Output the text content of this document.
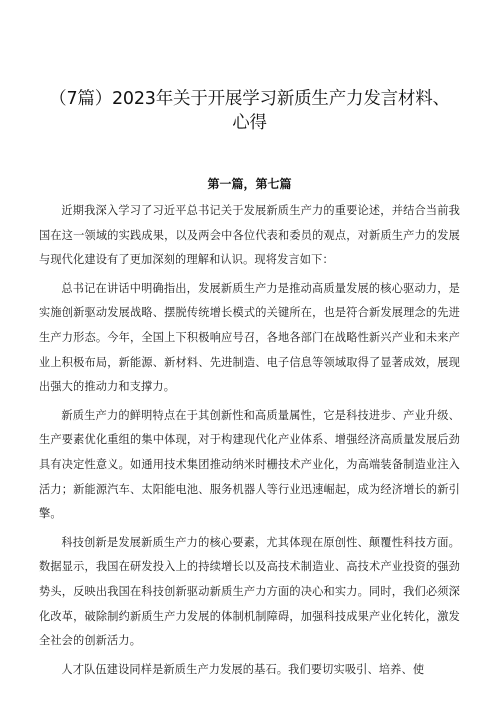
（7篇）2023年关于开展学习新质生产力发言材料、
心得
第一篇，第七篇

近期我深入学习了习近平总书记关于发展新质生产力的重要论述，并结合当前我国在这一领域的实践成果，以及两会中各位代表和委员的观点，对新质生产力的发展与现代化建设有了更加深刻的理解和认识。现将发言如下：

总书记在讲话中明确指出，发展新质生产力是推动高质量发展的核心驱动力，是实施创新驱动发展战略、摆脱传统增长模式的关键所在，也是符合新发展理念的先进生产力形态。今年，全国上下积极响应号召，各地各部门在战略性新兴产业和未来产业上积极布局，新能源、新材料、先进制造、电子信息等领域取得了显著成效，展现出强大的推动力和支撑力。

新质生产力的鲜明特点在于其创新性和高质量属性，它是科技进步、产业升级、生产要素优化重组的集中体现，对于构建现代化产业体系、增强经济高质量发展后劲具有决定性意义。如通用技术集团推动纳米时栅技术产业化，为高端装备制造业注入活力；新能源汽车、太阳能电池、服务机器人等行业迅速崛起，成为经济增长的新引擎。

科技创新是发展新质生产力的核心要素，尤其体现在原创性、颠覆性科技方面。数据显示，我国在研发投入上的持续增长以及高技术制造业、高技术产业投资的强劲势头，反映出我国在科技创新驱动新质生产力方面的决心和实力。同时，我们必须深化改革，破除制约新质生产力发展的体制机制障碍，加强科技成果产业化转化，激发全社会的创新活力。

人才队伍建设同样是新质生产力发展的基石。我们要切实吸引、培养、使
